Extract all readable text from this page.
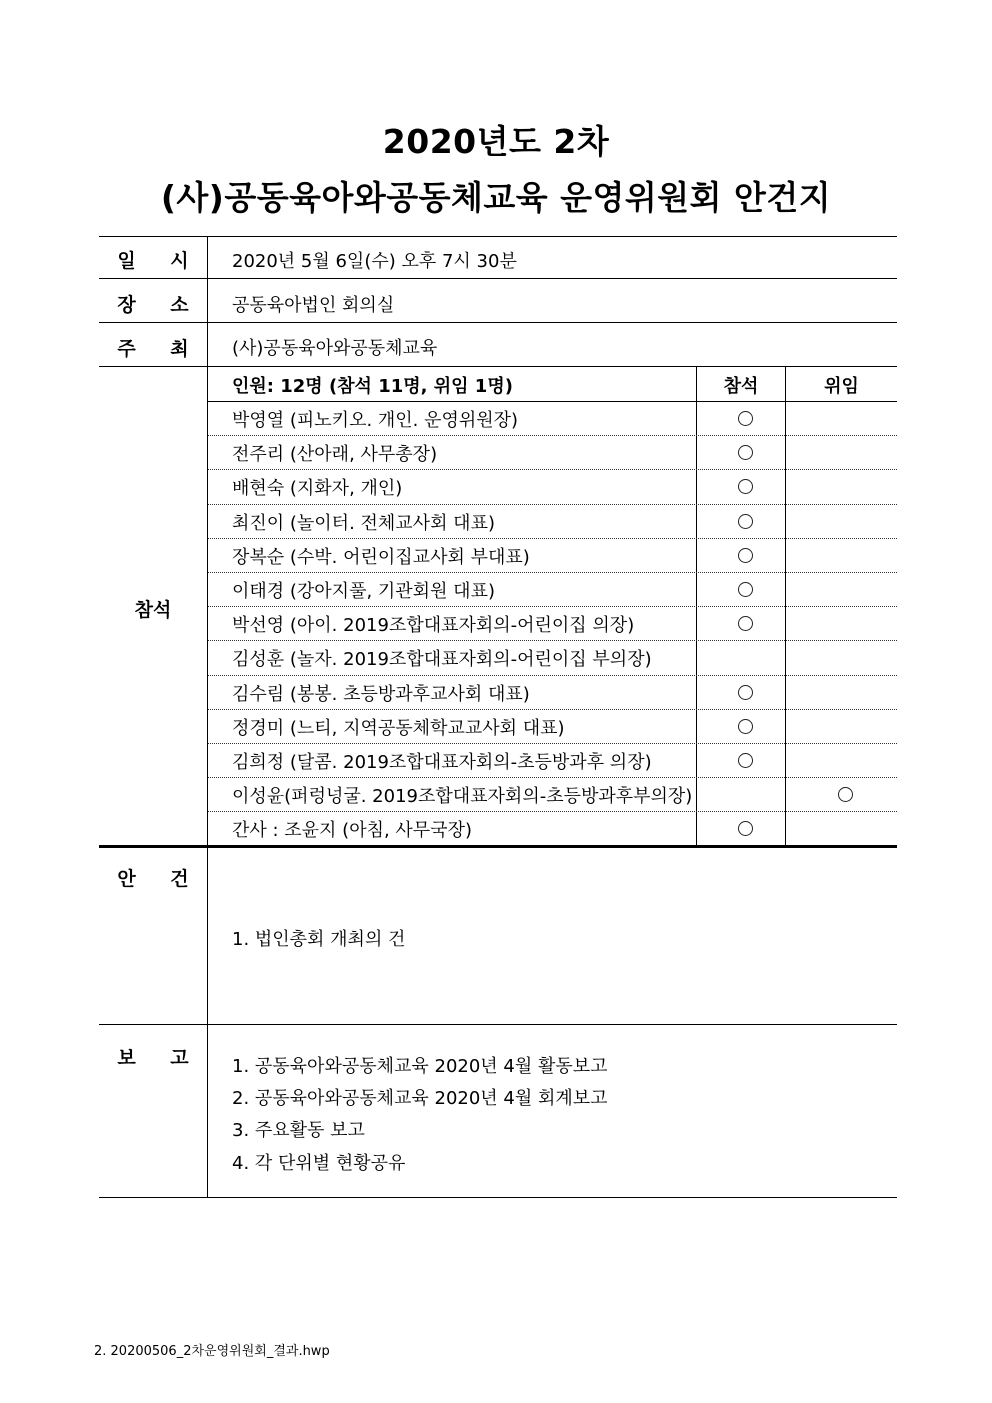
2020년도 2차
(사)공동육아와공동체교육 운영위원회 안건지
일 시 2020년 5월 6일(수) 오후 7시 30분
장 소 공동육아법인 회의실
주 최 (사)공동육아와공동체교육
참석
인원: 12명 (참석 11명, 위임 1명)	참석	위임
박영열 (피노키오. 개인. 운영위원장)
전주리 (산아래, 사무총장)
배현숙 (지화자, 개인)
최진이 (놀이터. 전체교사회 대표)
장복순 (수박. 어린이집교사회 부대표)
이태경 (강아지풀, 기관회원 대표)
박선영 (아이. 2019조합대표자회의-어린이집 의장)
김성훈 (놀자. 2019조합대표자회의-어린이집 부의장)
김수림 (봉봉. 초등방과후교사회 대표)
정경미 (느티, 지역공동체학교교사회 대표)
김희정 (달콤. 2019조합대표자회의-초등방과후 의장)
이성윤(퍼렁넝굴. 2019조합대표자회의-초등방과후부의장)
간사 : 조윤지 (아침, 사무국장)
안 건
1. 법인총회 개최의 건
보 고 1. 공동육아와공동체교육 2020년 4월 활동보고
2. 공동육아와공동체교육 2020년 4월 회계보고
3. 주요활동 보고
4. 각 단위별 현황공유
2. 20200506_2차운영위원회_결과.hwp
